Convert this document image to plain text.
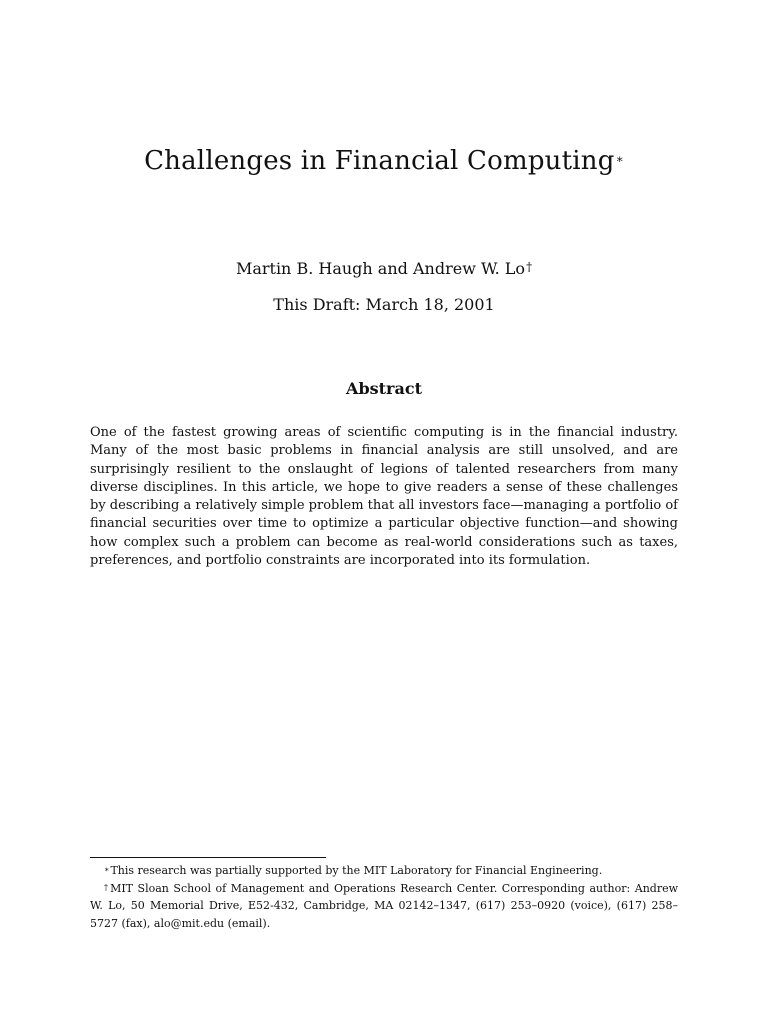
Challenges in Financial Computing∗
Martin B. Haugh and Andrew W. Lo†
This Draft: March 18, 2001
Abstract
One of the fastest growing areas of scientific computing is in the financial industry. Many of the most basic problems in financial analysis are still unsolved, and are surprisingly resilient to the onslaught of legions of talented researchers from many diverse disciplines. In this article, we hope to give readers a sense of these challenges by describing a relatively simple problem that all investors face—managing a portfolio of financial securities over time to optimize a particular objective function—and showing how complex such a problem can become as real-world considerations such as taxes, preferences, and portfolio constraints are incorporated into its formulation.

∗This research was partially supported by the MIT Laboratory for Financial Engineering.

†MIT Sloan School of Management and Operations Research Center. Corresponding author: Andrew W. Lo, 50 Memorial Drive, E52-432, Cambridge, MA 02142–1347, (617) 253–0920 (voice), (617) 258–5727 (fax), alo@mit.edu (email).
